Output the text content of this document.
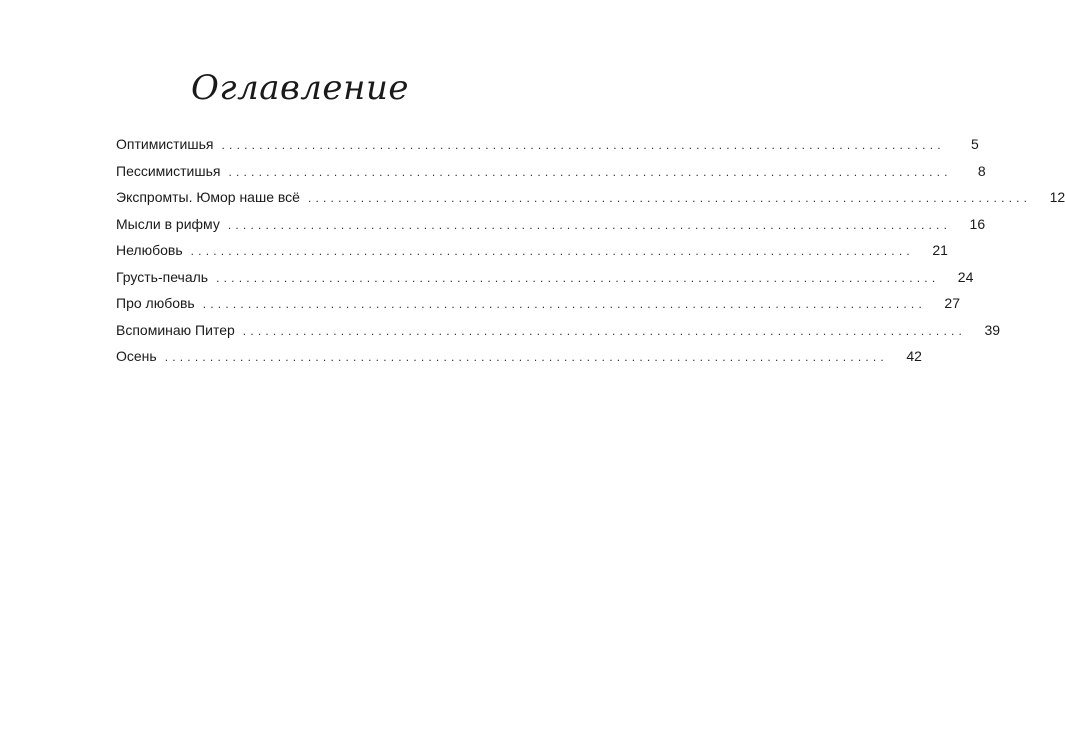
Оглавление
Оптимистишья ................................................................................................	5
Пессимистишья ................................................................................................	8
Экспромты. Юмор наше всё ................................................................................................	12
Мысли в рифму ................................................................................................	16
Нелюбовь ................................................................................................	21
Грусть-печаль ................................................................................................	24
Про любовь ................................................................................................	27
Вспоминаю Питер ................................................................................................	39
Осень ................................................................................................	42
